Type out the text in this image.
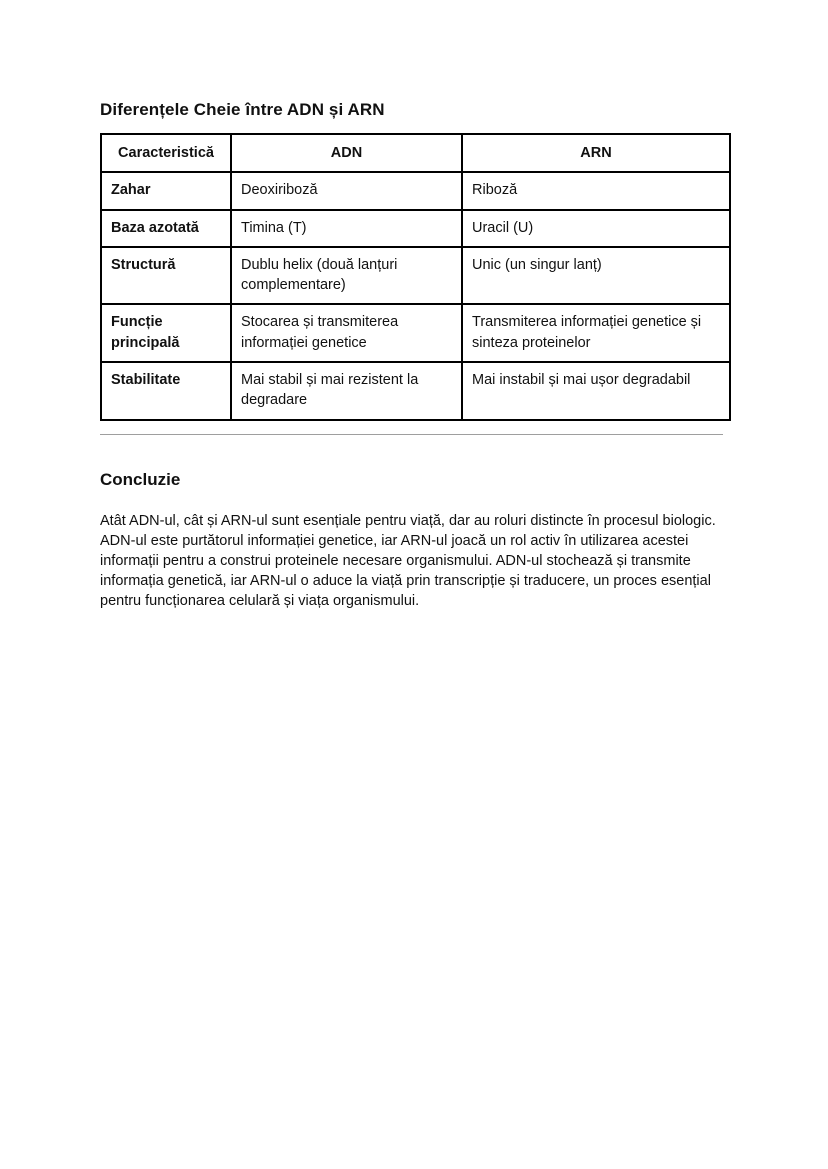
Diferențele Cheie între ADN și ARN
Caracteristică	ADN	ARN
Zahar	Deoxiriboză	Riboză
Baza azotată	Timina (T)	Uracil (U)
Structură	Dublu helix (două lanțuri complementare)	Unic (un singur lanț)
Funcție principală	Stocarea și transmiterea informației genetice	Transmiterea informației genetice și sinteza proteinelor
Stabilitate	Mai stabil și mai rezistent la degradare	Mai instabil și mai ușor degradabil
Concluzie

Atât ADN-ul, cât și ARN-ul sunt esențiale pentru viață, dar au roluri distincte în procesul biologic. ADN-ul este purtătorul informației genetice, iar ARN-ul joacă un rol activ în utilizarea acestei informații pentru a construi proteinele necesare organismului. ADN-ul stochează și transmite informația genetică, iar ARN-ul o aduce la viață prin transcripție și traducere, un proces esențial pentru funcționarea celulară și viața organismului.
